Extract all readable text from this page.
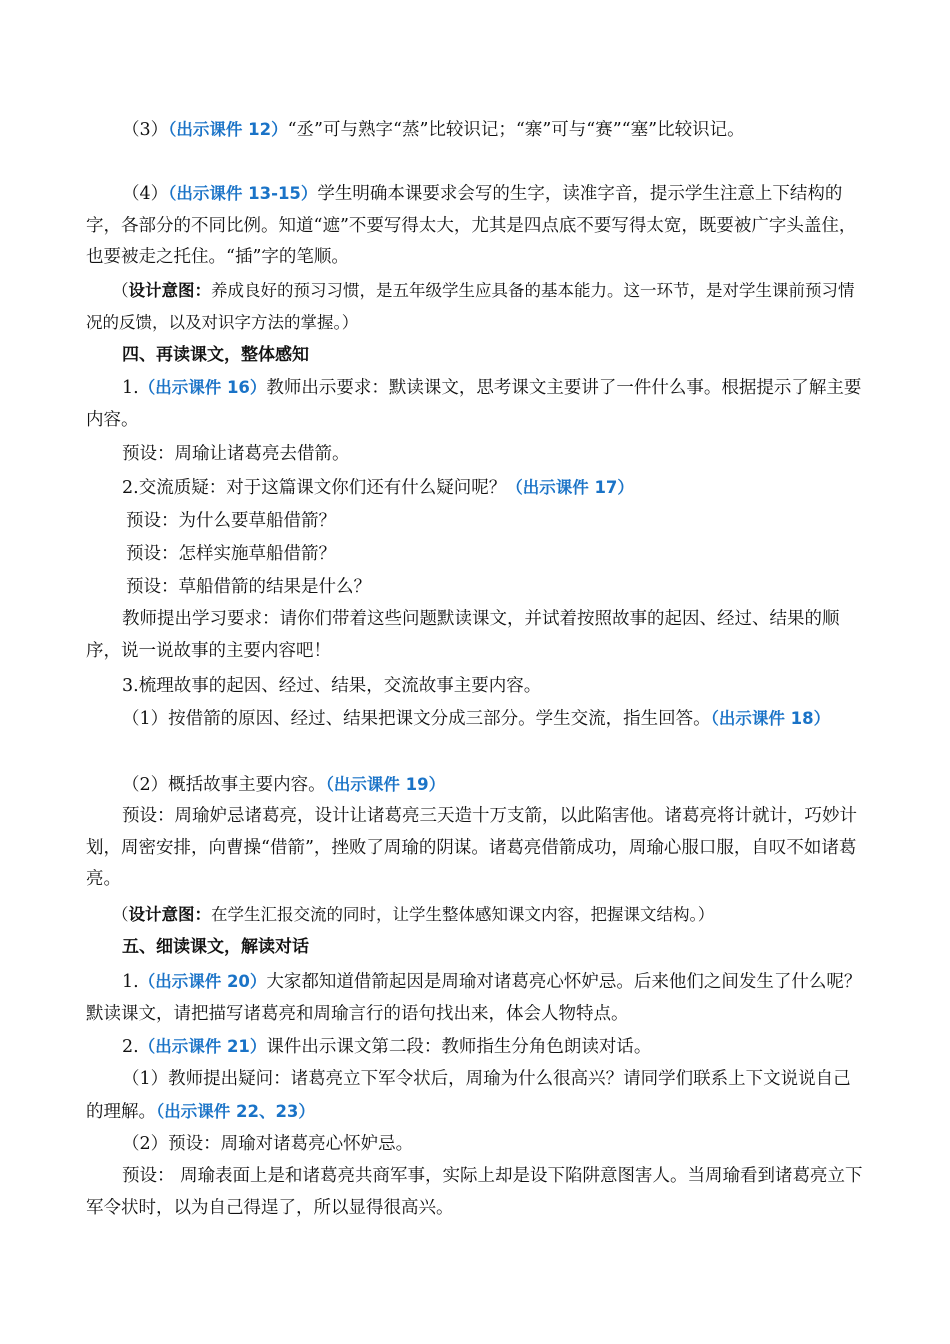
（3）（出示课件 12）“丞”可与熟字“蒸”比较识记；“寨”可与“赛”“塞”比较识记。

（4）（出示课件 13-15）学生明确本课要求会写的生字，读准字音，提示学生注意上下结构的字，各部分的不同比例。知道“遮”不要写得太大，尤其是四点底不要写得太宽，既要被广字头盖住，也要被走之托住。“插”字的笔顺。

（设计意图：养成良好的预习习惯，是五年级学生应具备的基本能力。这一环节，是对学生课前预习情况的反馈，以及对识字方法的掌握。）

四、再读课文，整体感知

1.（出示课件 16）教师出示要求：默读课文，思考课文主要讲了一件什么事。根据提示了解主要内容。

预设：周瑜让诸葛亮去借箭。

2.交流质疑：对于这篇课文你们还有什么疑问呢？（出示课件 17）

预设：为什么要草船借箭？

预设：怎样实施草船借箭？

预设：草船借箭的结果是什么？

教师提出学习要求：请你们带着这些问题默读课文，并试着按照故事的起因、经过、结果的顺序，说一说故事的主要内容吧！

3.梳理故事的起因、经过、结果，交流故事主要内容。

（1）按借箭的原因、经过、结果把课文分成三部分。学生交流，指生回答。（出示课件 18）

（2）概括故事主要内容。（出示课件 19）

预设：周瑜妒忌诸葛亮，设计让诸葛亮三天造十万支箭，以此陷害他。诸葛亮将计就计，巧妙计划，周密安排，向曹操“借箭”，挫败了周瑜的阴谋。诸葛亮借箭成功，周瑜心服口服，自叹不如诸葛亮。

（设计意图：在学生汇报交流的同时，让学生整体感知课文内容，把握课文结构。）

五、细读课文，解读对话

1.（出示课件 20）大家都知道借箭起因是周瑜对诸葛亮心怀妒忌。后来他们之间发生了什么呢？ 默读课文，请把描写诸葛亮和周瑜言行的语句找出来，体会人物特点。

2.（出示课件 21）课件出示课文第二段：教师指生分角色朗读对话。

（1）教师提出疑问：诸葛亮立下军令状后，周瑜为什么很高兴？请同学们联系上下文说说自己的理解。（出示课件 22、23）

（2）预设：周瑜对诸葛亮心怀妒忌。

预设： 周瑜表面上是和诸葛亮共商军事，实际上却是设下陷阱意图害人。当周瑜看到诸葛亮立下军令状时，以为自己得逞了，所以显得很高兴。
